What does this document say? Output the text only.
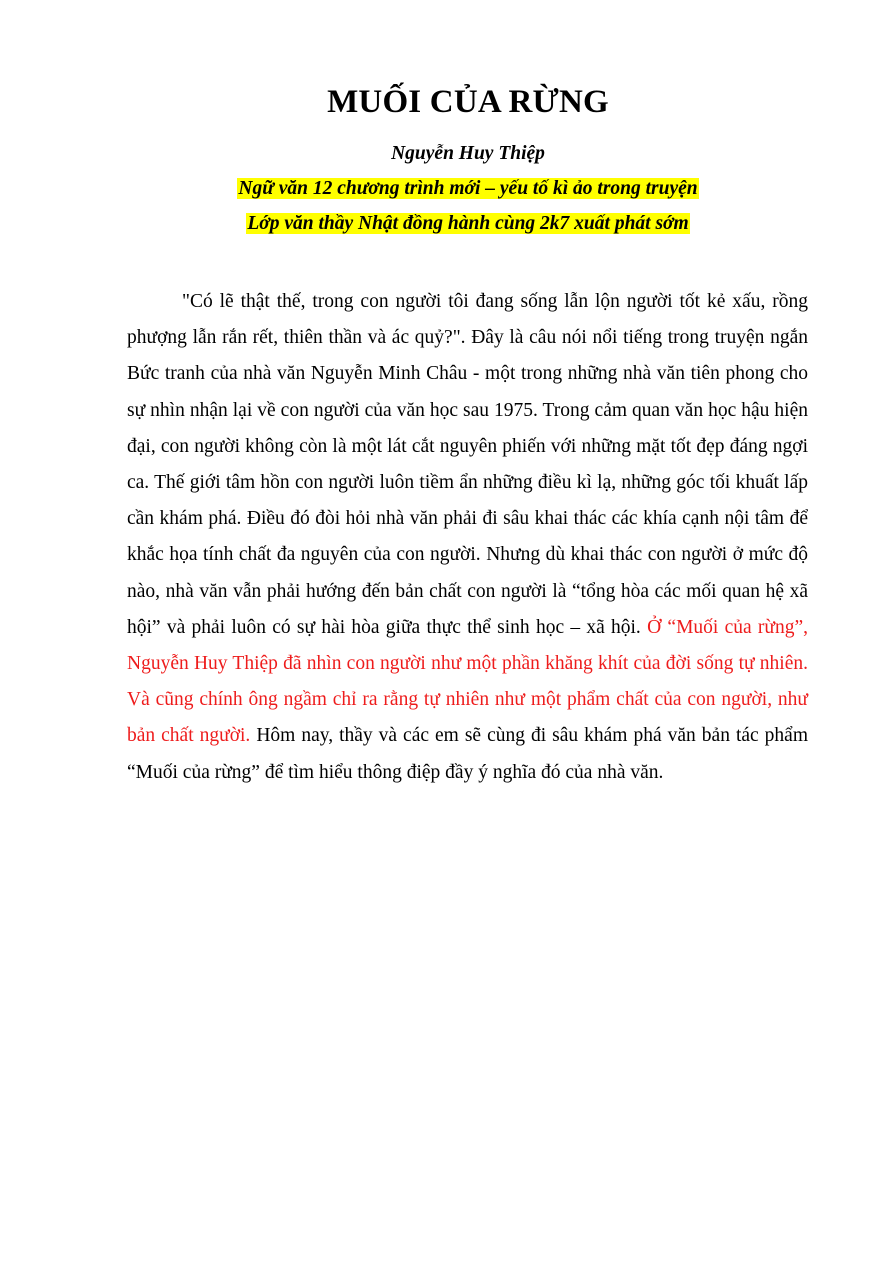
MUỐI CỦA RỪNG

Nguyễn Huy Thiệp

Ngữ văn 12 chương trình mới – yếu tố kì ảo trong truyện

Lớp văn thầy Nhật đồng hành cùng 2k7 xuất phát sớm

"Có lẽ thật thế, trong con người tôi đang sống lẫn lộn người tốt kẻ xấu, rồng phượng lẫn rắn rết, thiên thần và ác quỷ?". Đây là câu nói nổi tiếng trong truyện ngắn Bức tranh của nhà văn Nguyễn Minh Châu - một trong những nhà văn tiên phong cho sự nhìn nhận lại về con người của văn học sau 1975. Trong cảm quan văn học hậu hiện đại, con người không còn là một lát cắt nguyên phiến với những mặt tốt đẹp đáng ngợi ca. Thế giới tâm hồn con người luôn tiềm ẩn những điều kì lạ, những góc tối khuất lấp cần khám phá. Điều đó đòi hỏi nhà văn phải đi sâu khai thác các khía cạnh nội tâm để khắc họa tính chất đa nguyên của con người. Nhưng dù khai thác con người ở mức độ nào, nhà văn vẫn phải hướng đến bản chất con người là “tổng hòa các mối quan hệ xã hội” và phải luôn có sự hài hòa giữa thực thể sinh học – xã hội. Ở “Muối của rừng”, Nguyễn Huy Thiệp đã nhìn con người như một phần khăng khít của đời sống tự nhiên. Và cũng chính ông ngầm chỉ ra rằng tự nhiên như một phẩm chất của con người, như bản chất người. Hôm nay, thầy và các em sẽ cùng đi sâu khám phá văn bản tác phẩm “Muối của rừng” để tìm hiểu thông điệp đầy ý nghĩa đó của nhà văn.
